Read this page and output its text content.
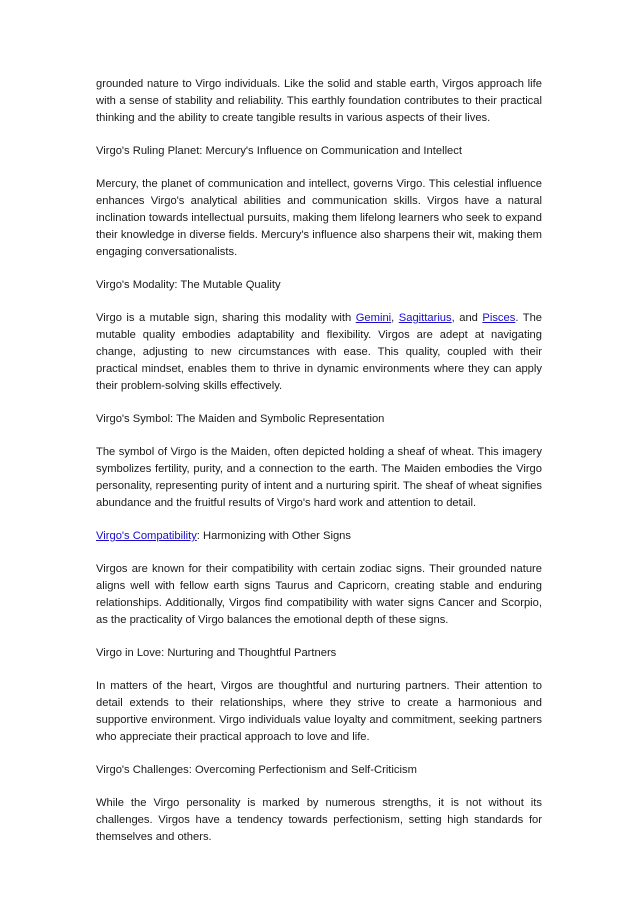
grounded nature to Virgo individuals. Like the solid and stable earth, Virgos approach life with a sense of stability and reliability. This earthly foundation contributes to their practical thinking and the ability to create tangible results in various aspects of their lives.

Virgo's Ruling Planet: Mercury's Influence on Communication and Intellect

Mercury, the planet of communication and intellect, governs Virgo. This celestial influence enhances Virgo's analytical abilities and communication skills. Virgos have a natural inclination towards intellectual pursuits, making them lifelong learners who seek to expand their knowledge in diverse fields. Mercury's influence also sharpens their wit, making them engaging conversationalists.

Virgo's Modality: The Mutable Quality

Virgo is a mutable sign, sharing this modality with Gemini, Sagittarius, and Pisces. The mutable quality embodies adaptability and flexibility. Virgos are adept at navigating change, adjusting to new circumstances with ease. This quality, coupled with their practical mindset, enables them to thrive in dynamic environments where they can apply their problem-solving skills effectively.

Virgo's Symbol: The Maiden and Symbolic Representation

The symbol of Virgo is the Maiden, often depicted holding a sheaf of wheat. This imagery symbolizes fertility, purity, and a connection to the earth. The Maiden embodies the Virgo personality, representing purity of intent and a nurturing spirit. The sheaf of wheat signifies abundance and the fruitful results of Virgo's hard work and attention to detail.

Virgo's Compatibility: Harmonizing with Other Signs

Virgos are known for their compatibility with certain zodiac signs. Their grounded nature aligns well with fellow earth signs Taurus and Capricorn, creating stable and enduring relationships. Additionally, Virgos find compatibility with water signs Cancer and Scorpio, as the practicality of Virgo balances the emotional depth of these signs.

Virgo in Love: Nurturing and Thoughtful Partners

In matters of the heart, Virgos are thoughtful and nurturing partners. Their attention to detail extends to their relationships, where they strive to create a harmonious and supportive environment. Virgo individuals value loyalty and commitment, seeking partners who appreciate their practical approach to love and life.

Virgo's Challenges: Overcoming Perfectionism and Self-Criticism

While the Virgo personality is marked by numerous strengths, it is not without its challenges. Virgos have a tendency towards perfectionism, setting high standards for themselves and others.
